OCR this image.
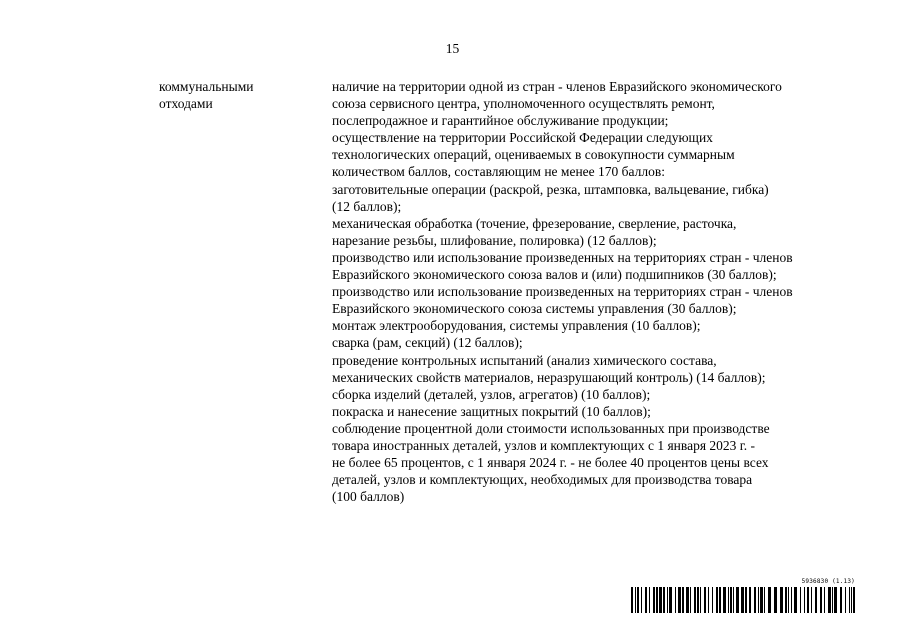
15
коммунальными
отходами
наличие на территории одной из стран - членов Евразийского экономического
союза сервисного центра, уполномоченного осуществлять ремонт,
послепродажное и гарантийное обслуживание продукции;
осуществление на территории Российской Федерации следующих
технологических операций, оцениваемых в совокупности суммарным
количеством баллов, составляющим не менее 170 баллов:
заготовительные операции (раскрой, резка, штамповка, вальцевание, гибка)
(12 баллов);
механическая обработка (точение, фрезерование, сверление, расточка,
нарезание резьбы, шлифование, полировка) (12 баллов);
производство или использование произведенных на территориях стран - членов
Евразийского экономического союза валов и (или) подшипников (30 баллов);
производство или использование произведенных на территориях стран - членов
Евразийского экономического союза системы управления (30 баллов);
монтаж электрооборудования, системы управления (10 баллов);
сварка (рам, секций) (12 баллов);
проведение контрольных испытаний (анализ химического состава,
механических свойств материалов, неразрушающий контроль) (14 баллов);
сборка изделий (деталей, узлов, агрегатов) (10 баллов);
покраска и нанесение защитных покрытий (10 баллов);
соблюдение процентной доли стоимости использованных при производстве
товара иностранных деталей, узлов и комплектующих с 1 января 2023 г. -
не более 65 процентов, с 1 января 2024 г. - не более 40 процентов цены всех
деталей, узлов и комплектующих, необходимых для производства товара
(100 баллов)
5936830 (1.13)
